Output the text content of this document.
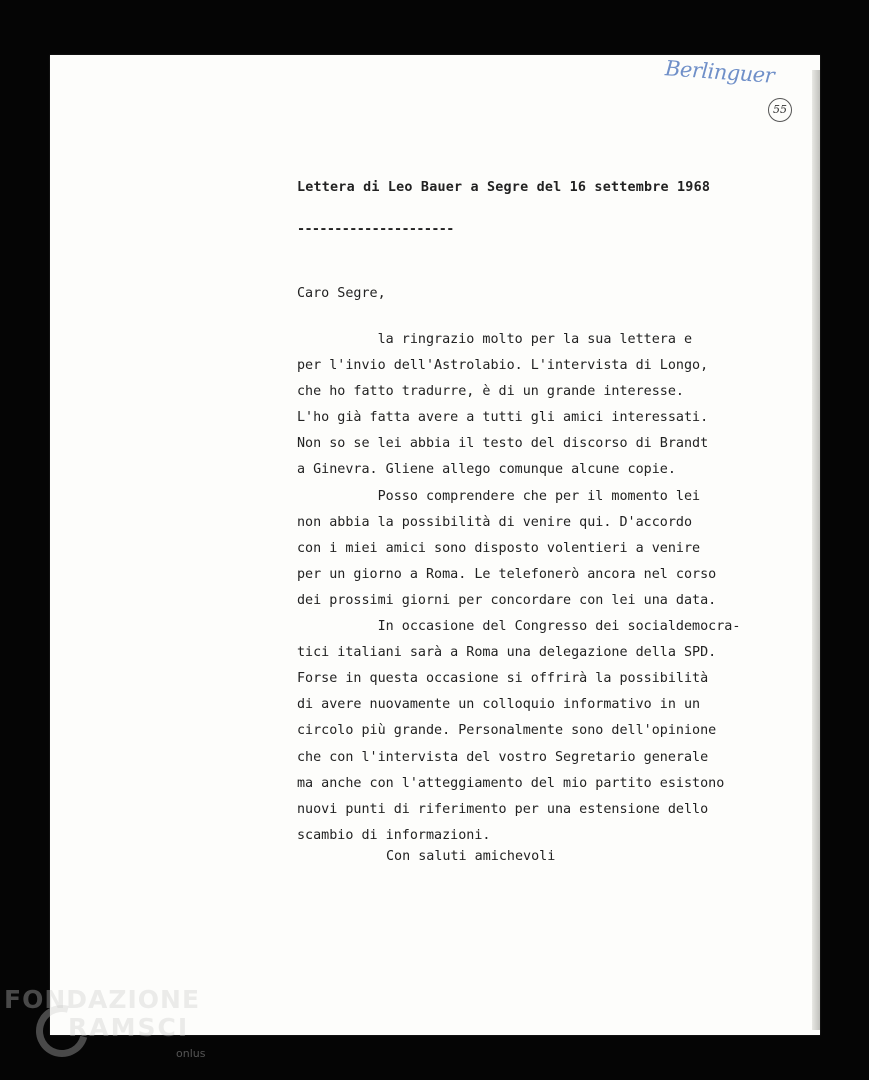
Berlinguer
55
Lettera di Leo Bauer a Segre del 16 settembre 1968
---------------------
Caro Segre,
la ringrazio molto per la sua lettera e
per l'invio dell'Astrolabio. L'intervista di Longo,
che ho fatto tradurre, è di un grande interesse.
L'ho già fatta avere a tutti gli amici interessati.
Non so se lei abbia il testo del discorso di Brandt
a Ginevra. Gliene allego comunque alcune copie.
Posso comprendere che per il momento lei
non abbia la possibilità di venire qui. D'accordo
con i miei amici sono disposto volentieri a venire
per un giorno a Roma. Le telefonerò ancora nel corso
dei prossimi giorni per concordare con lei una data.
In occasione del Congresso dei socialdemocra-
tici italiani sarà a Roma una delegazione della SPD.
Forse in questa occasione si offrirà la possibilità
di avere nuovamente un colloquio informativo in un
circolo più grande. Personalmente sono dell'opinione
che con l'intervista del vostro Segretario generale
ma anche con l'atteggiamento del mio partito esistono
nuovi punti di riferimento per una estensione dello
scambio di informazioni.
Con saluti amichevoli
FONDAZIONE
RAMSCI
onlus
